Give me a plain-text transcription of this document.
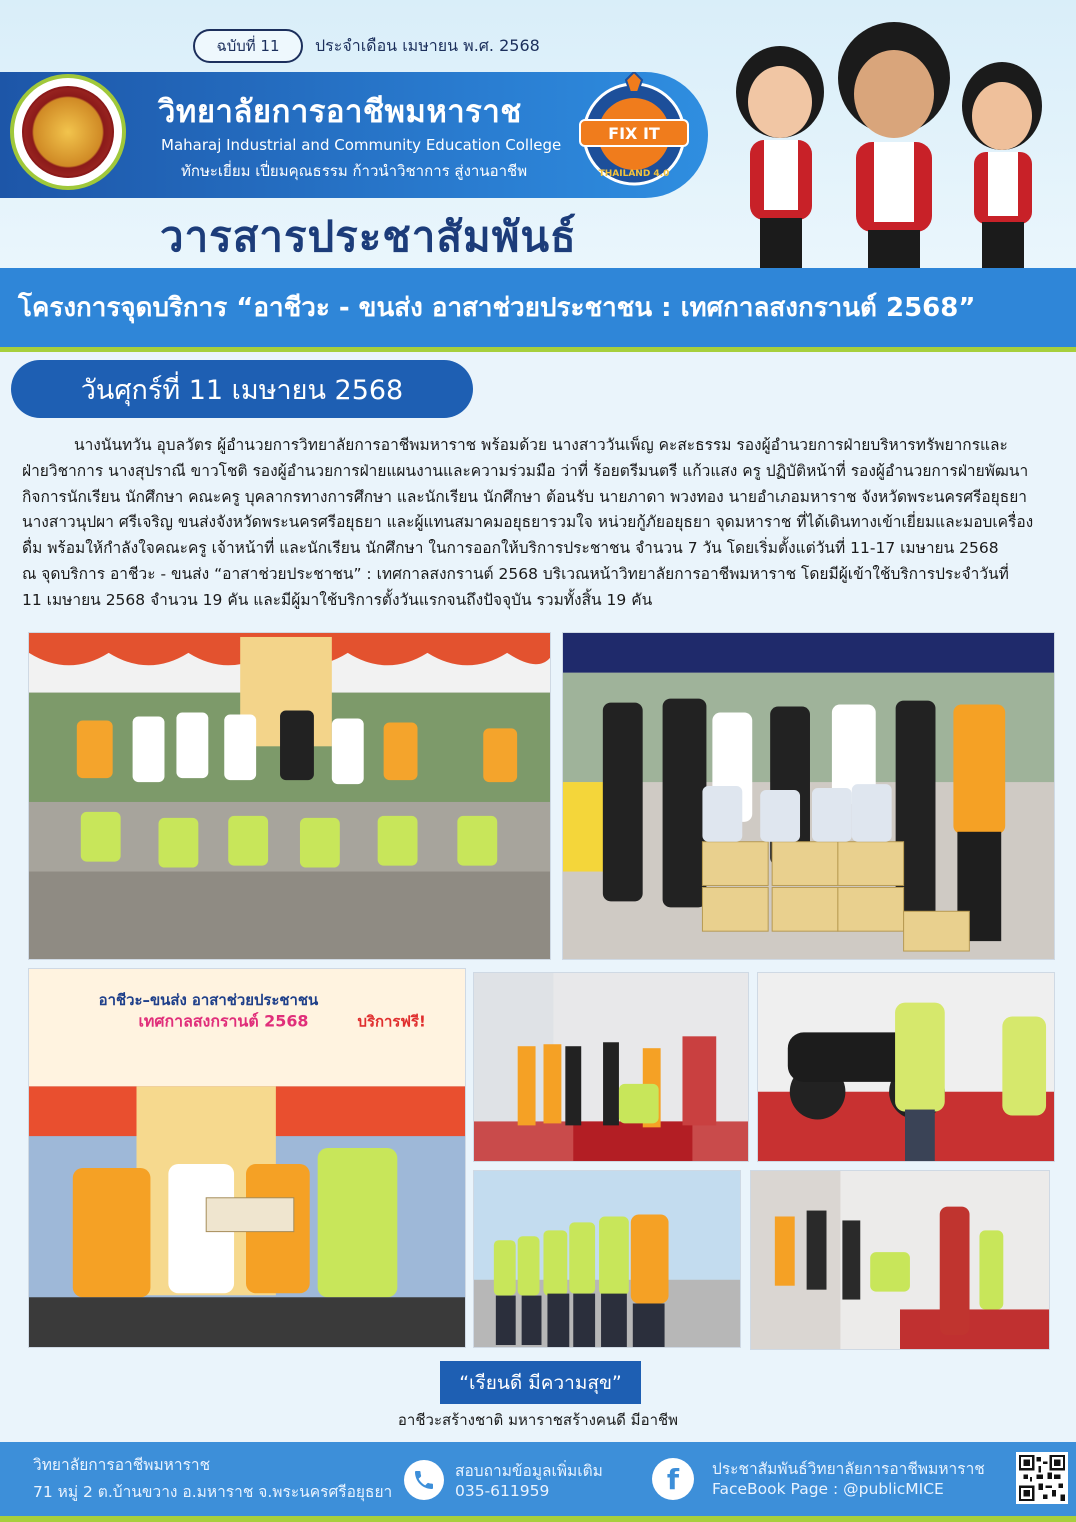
ฉบับที่ 11	ประจำเดือน เมษายน พ.ศ. 2568
วิทยาลัยการอาชีพมหาราช
Maharaj Industrial and Community Education College
ทักษะเยี่ยม เปี่ยมคุณธรรม ก้าวนำวิชาการ สู่งานอาชีพ
FIX IT
THAILAND 4.0
วารสารประชาสัมพันธ์
โครงการจุดบริการ “อาชีวะ - ขนส่ง อาสาช่วยประชาชน : เทศกาลสงกรานต์ 2568”
วันศุกร์ที่ 11 เมษายน 2568

นางนันทวัน อุบลวัตร ผู้อำนวยการวิทยาลัยการอาชีพมหาราช พร้อมด้วย นางสาววันเพ็ญ คะสะธรรม รองผู้อำนวยการฝ่ายบริหารทรัพยากรและ

ฝ่ายวิชาการ นางสุปราณี ขาวโชติ รองผู้อำนวยการฝ่ายแผนงานและความร่วมมือ ว่าที่ ร้อยตรีมนตรี แก้วแสง ครู ปฏิบัติหน้าที่ รองผู้อำนวยการฝ่ายพัฒนา

กิจการนักเรียน นักศึกษา คณะครู บุคลากรทางการศึกษา และนักเรียน นักศึกษา ต้อนรับ นายภาดา พวงทอง นายอำเภอมหาราช จังหวัดพระนครศรีอยุธยา

นางสาวนุปผา ศรีเจริญ ขนส่งจังหวัดพระนครศรีอยุธยา และผู้แทนสมาคมอยุธยารวมใจ หน่วยกู้ภัยอยุธยา จุดมหาราช ที่ได้เดินทางเข้าเยี่ยมและมอบเครื่อง

ดื่ม พร้อมให้กำลังใจคณะครู เจ้าหน้าที่ และนักเรียน นักศึกษา ในการออกให้บริการประชาชน จำนวน 7 วัน โดยเริ่มตั้งแต่วันที่ 11-17 เมษายน 2568

ณ จุดบริการ อาชีวะ - ขนส่ง “อาสาช่วยประชาชน” : เทศกาลสงกรานต์ 2568 บริเวณหน้าวิทยาลัยการอาชีพมหาราช โดยมีผู้เข้าใช้บริการประจำวันที่

11 เมษายน 2568 จำนวน 19 คัน และมีผู้มาใช้บริการตั้งวันแรกจนถึงปัจจุบัน รวมทั้งสิ้น 19 คัน

อาชีวะ–ขนส่ง อาสาช่วยประชาชน
เทศกาลสงกรานต์ 2568	บริการฟรี!
“เรียนดี มีความสุข”
อาชีวะสร้างชาติ มหาราชสร้างคนดี มีอาชีพ
วิทยาลัยการอาชีพมหาราช
71 หมู่ 2 ต.บ้านขวาง อ.มหาราช จ.พระนครศรีอยุธยา
สอบถามข้อมูลเพิ่มเติม
035-611959	f ประชาสัมพันธ์วิทยาลัยการอาชีพมหาราช
FaceBook Page : @publicMICE
